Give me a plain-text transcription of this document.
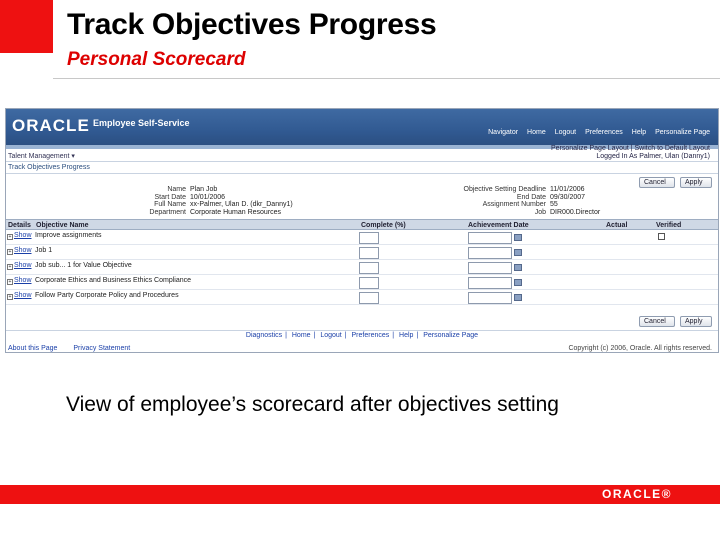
Track Objectives Progress
Personal Scorecard
ORACLE Employee Self-Service
Navigator Home Logout Preferences Help Personalize Page
Talent Management ▾
Personalize Page Layout | Switch to Default Layout
Logged In As Palmer, Ulan (Danny1)
Track Objectives Progress
Cancel	Apply
Name Plan Job
Start Date 10/01/2006
Full Name xx-Palmer, Ulan D. (dkr_Danny1)
Department Corporate Human Resources
Objective Setting Deadline 11/01/2006
End Date 09/30/2007
Assignment Number 55
Job DIR000.Director
Details Objective Name	Complete (%)	Achievement Date	Actual	Verified
+ Show Improve assignments
+ Show Job 1
+ Show Job sub... 1 for Value Objective
+ Show Corporate Ethics and Business Ethics Compliance
+ Show Follow Party Corporate Policy and Procedures
Cancel	Apply
Diagnostics | Home | Logout | Preferences | Help | Personalize Page
About this Page Privacy Statement	Copyright (c) 2006, Oracle. All rights reserved.
View of employee’s scorecard after objectives setting
ORACLE®
